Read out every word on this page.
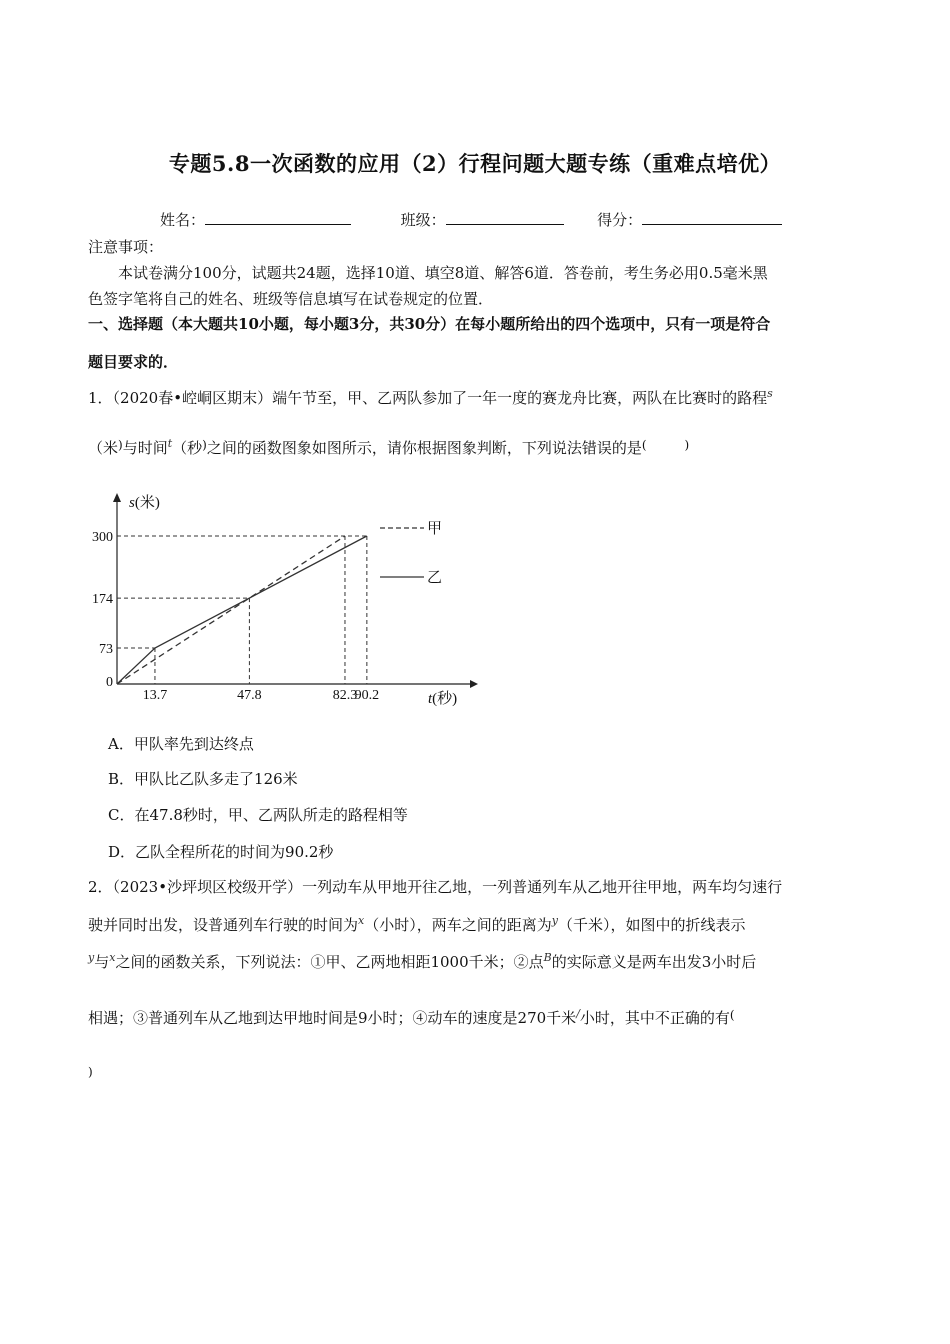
专题5.8一次函数的应用（2）行程问题大题专练（重难点培优）
姓名：	班级：	得分：
注意事项：
本试卷满分100分，试题共24题，选择10道、填空8道、解答6道．答卷前，考生务必用0.5毫米黑
色签字笔将自己的姓名、班级等信息填写在试卷规定的位置．
一、选择题（本大题共10小题，每小题3分，共30分）在每小题所给出的四个选项中，只有一项是符合
题目要求的．
1．（2020春•崆峒区期末）端午节至，甲、乙两队参加了一年一度的赛龙舟比赛，两队在比赛时的路程$^s$
（米)与时间$^t$（秒)之间的函数图象如图所示，请你根据图象判断，下列说法错误的是(	)
13.7	47.8	82.3
90.2
300
174
73
0
s(米)
t(秒)
甲
乙
A．甲队率先到达终点
B．甲队比乙队多走了126米
C．在47.8秒时，甲、乙两队所走的路程相等
D．乙队全程所花的时间为90.2秒
2．（2023•沙坪坝区校级开学）一列动车从甲地开往乙地，一列普通列车从乙地开往甲地，两车均匀速行
驶并同时出发，设普通列车行驶的时间为$^x$（小时），两车之间的距离为$^y$（千米），如图中的折线表示
$^y$与$^x$之间的函数关系，下列说法：①甲、乙两地相距1000千米；②点$^B$的实际意义是两车出发3小时后
相遇；③普通列车从乙地到达甲地时间是9小时；④动车的速度是270千米/小时，其中不正确的有(
)
